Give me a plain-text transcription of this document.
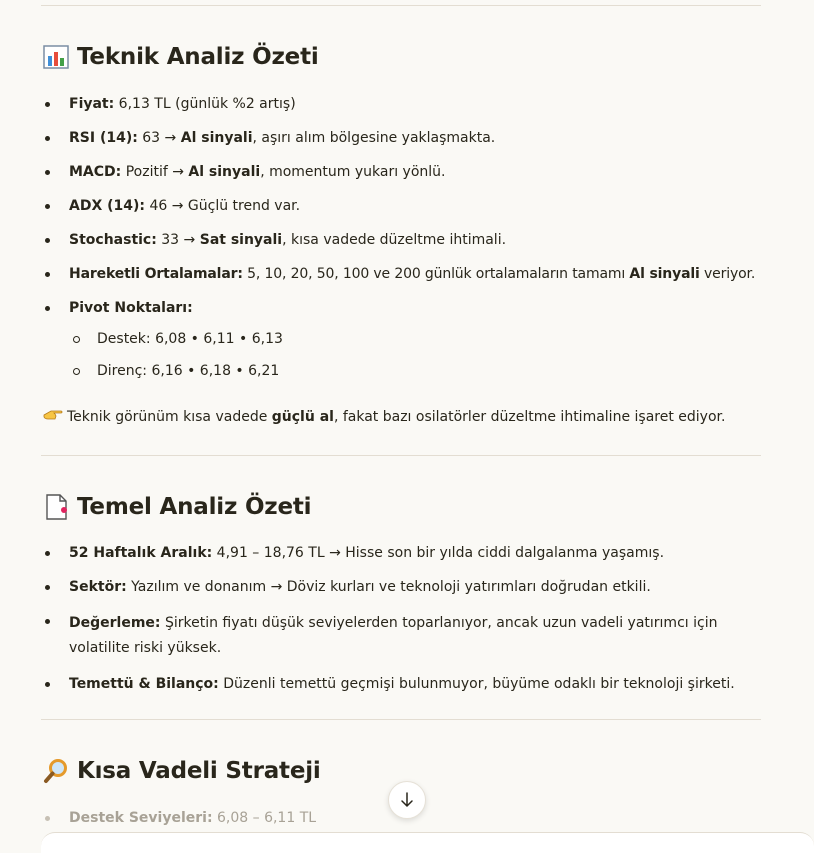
Teknik Analiz Özeti
Fiyat: 6,13 TL (günlük %2 artış)
RSI (14): 63 → Al sinyali, aşırı alım bölgesine yaklaşmakta.
MACD: Pozitif → Al sinyali, momentum yukarı yönlü.
ADX (14): 46 → Güçlü trend var.
Stochastic: 33 → Sat sinyali, kısa vadede düzeltme ihtimali.
Hareketli Ortalamalar: 5, 10, 20, 50, 100 ve 200 günlük ortalamaların tamamı Al sinyali veriyor.
Pivot Noktaları:
Destek: 6,08 • 6,11 • 6,13
Direnç: 6,16 • 6,18 • 6,21
Teknik görünüm kısa vadede güçlü al, fakat bazı osilatörler düzeltme ihtimaline işaret ediyor.
Temel Analiz Özeti
52 Haftalık Aralık: 4,91 – 18,76 TL → Hisse son bir yılda ciddi dalgalanma yaşamış.
Sektör: Yazılım ve donanım → Döviz kurları ve teknoloji yatırımları doğrudan etkili.
Değerleme: Şirketin fiyatı düşük seviyelerden toparlanıyor, ancak uzun vadeli yatırımcı için volatilite riski yüksek.
Temettü & Bilanço: Düzenli temettü geçmişi bulunmuyor, büyüme odaklı bir teknoloji şirketi.
Kısa Vadeli Strateji
Destek Seviyeleri: 6,08 – 6,11 TL
